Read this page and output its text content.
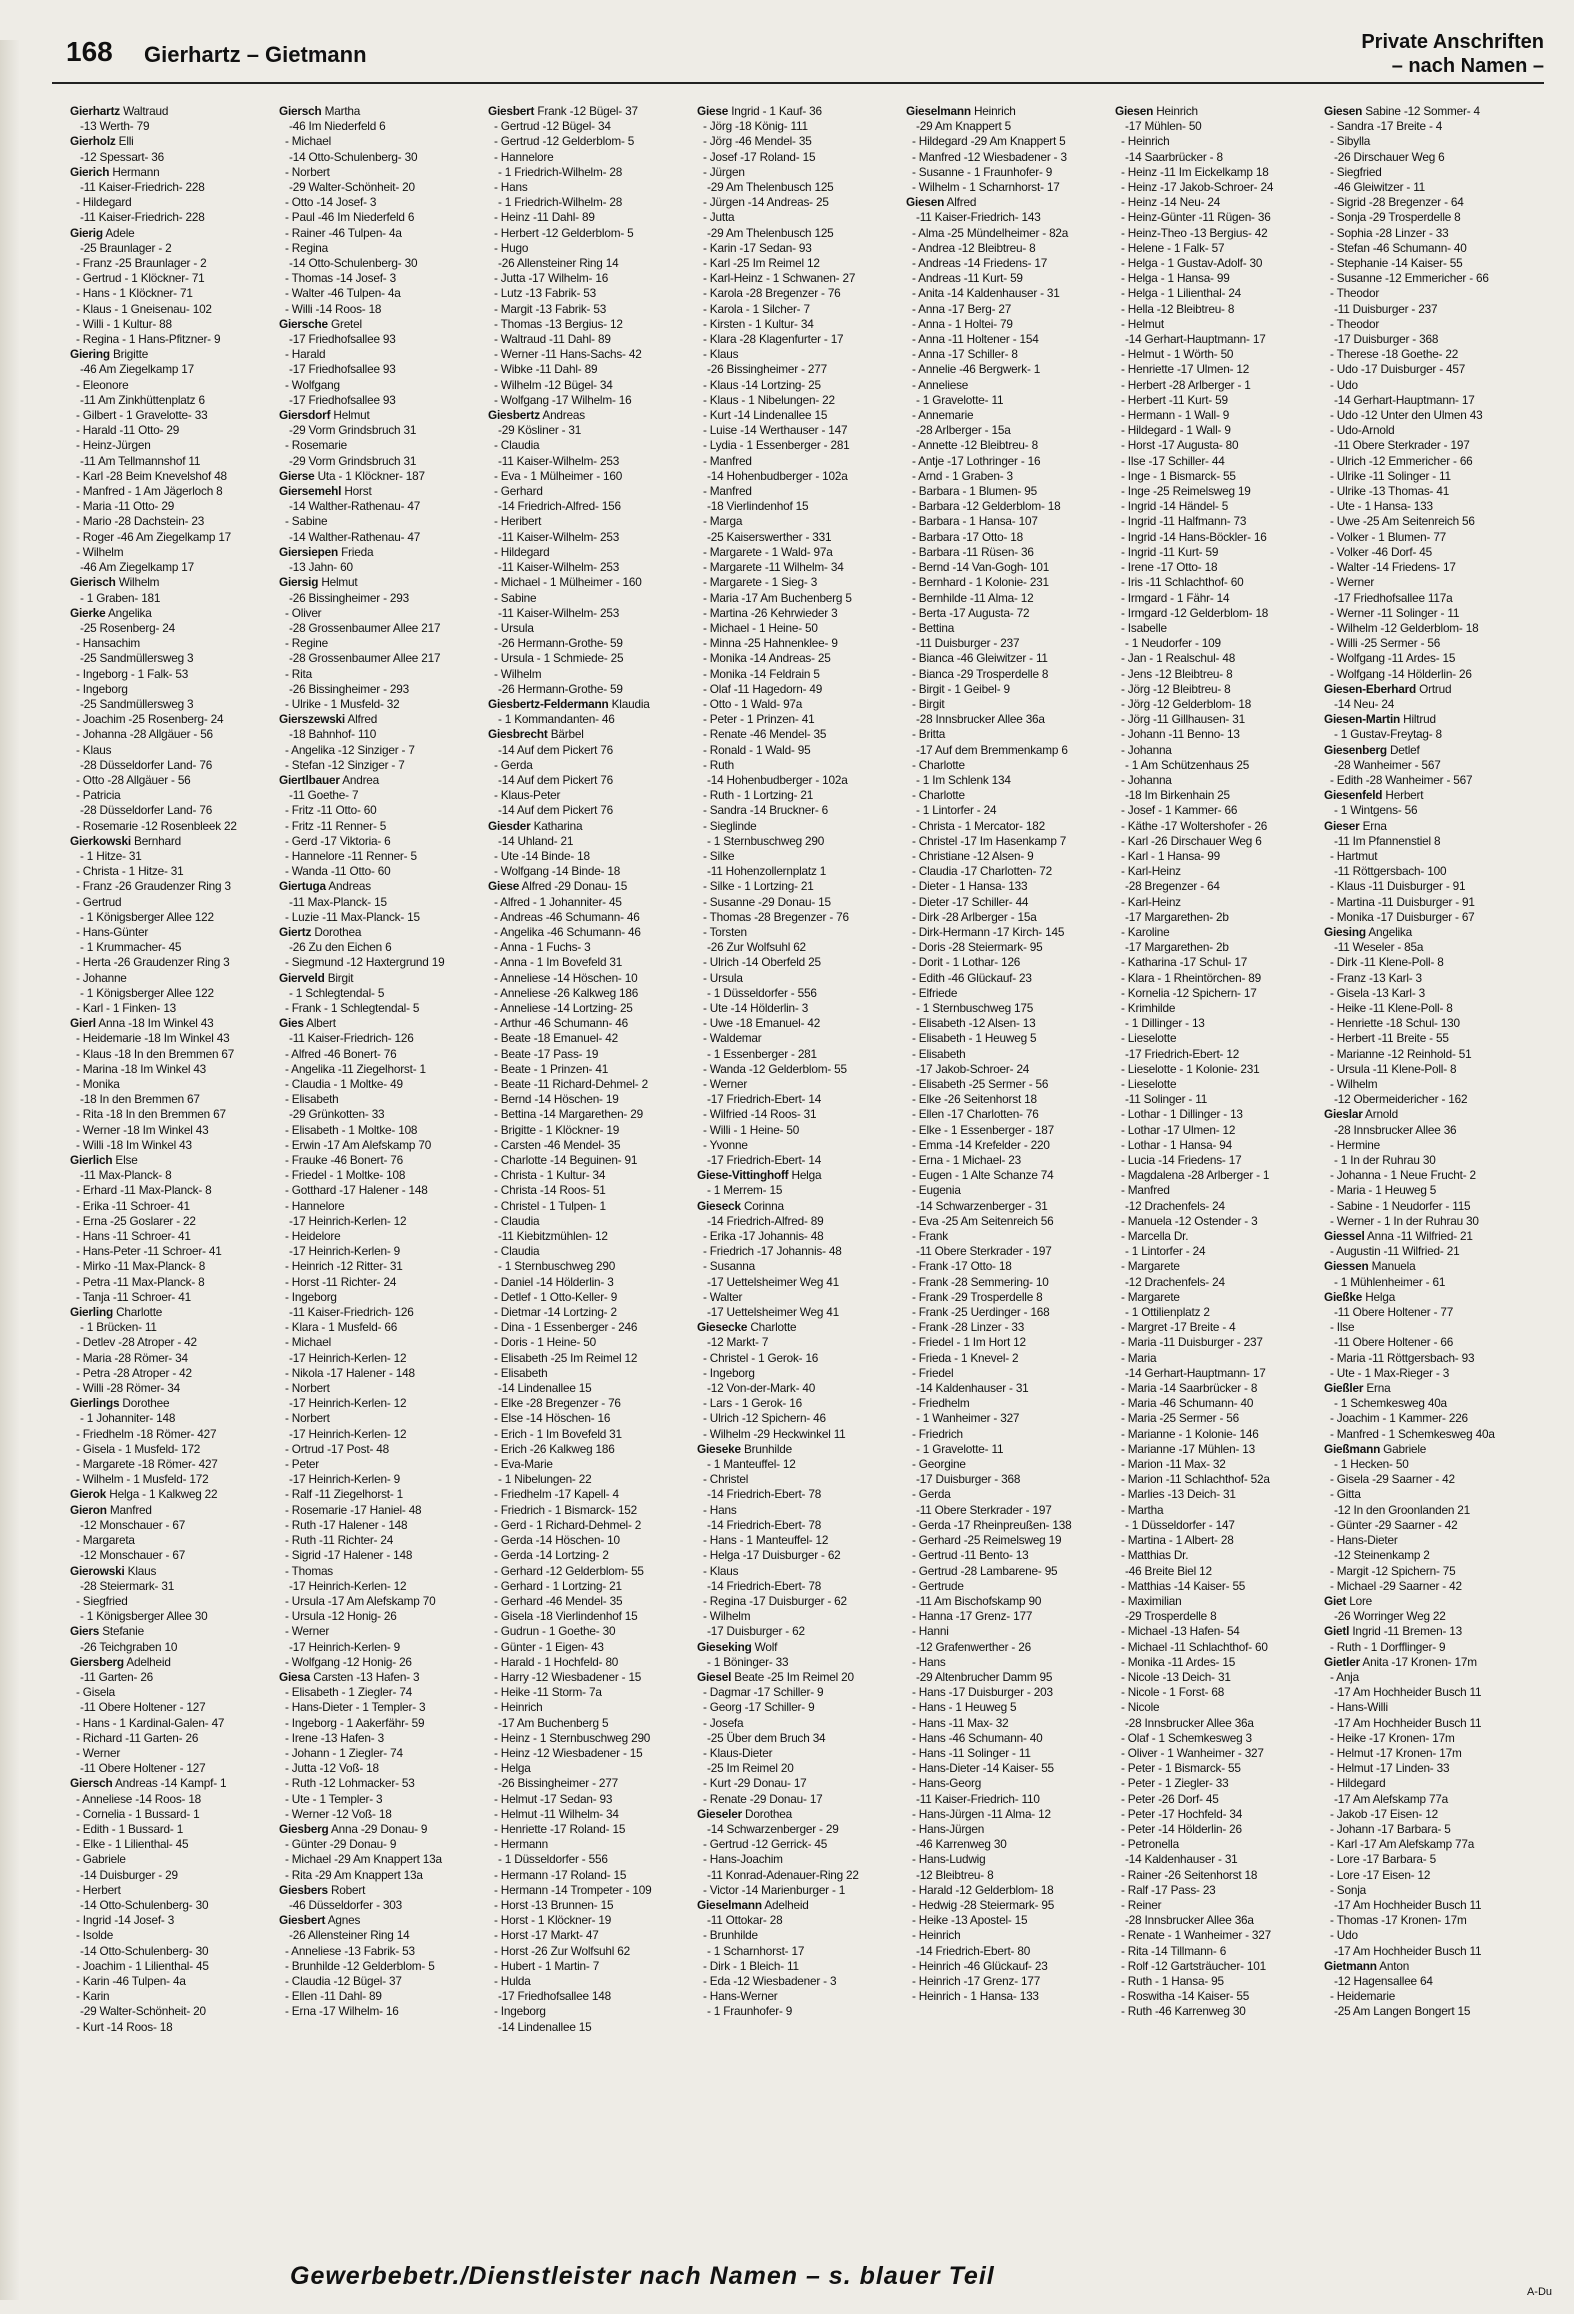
168 Gierhartz – Gietmann	Private Anschriften
– nach Namen –
Gierhartz Waltraud
-13 Werth- 79
Gierholz Elli
-12 Spessart- 36
Gierich Hermann
-11 Kaiser-Friedrich- 228
- Hildegard
-11 Kaiser-Friedrich- 228
Gierig Adele
-25 Braunlager - 2
- Franz -25 Braunlager - 2
- Gertrud - 1 Klöckner- 71
- Hans - 1 Klöckner- 71
- Klaus - 1 Gneisenau- 102
- Willi - 1 Kultur- 88
- Regina - 1 Hans-Pfitzner- 9
Giering Brigitte
-46 Am Ziegelkamp 17
- Eleonore
-11 Am Zinkhüttenplatz 6
- Gilbert - 1 Gravelotte- 33
- Harald -11 Otto- 29
- Heinz-Jürgen
-11 Am Tellmannshof 11
- Karl -28 Beim Knevelshof 48
- Manfred - 1 Am Jägerloch 8
- Maria -11 Otto- 29
- Mario -28 Dachstein- 23
- Roger -46 Am Ziegelkamp 17
- Wilhelm
-46 Am Ziegelkamp 17
Gierisch Wilhelm
- 1 Graben- 181
Gierke Angelika
-25 Rosenberg- 24
- Hansachim
-25 Sandmüllersweg 3
- Ingeborg - 1 Falk- 53
- Ingeborg
-25 Sandmüllersweg 3
- Joachim -25 Rosenberg- 24
- Johanna -28 Allgäuer - 56
- Klaus
-28 Düsseldorfer Land- 76
- Otto -28 Allgäuer - 56
- Patricia
-28 Düsseldorfer Land- 76
- Rosemarie -12 Rosenbleek 22
Gierkowski Bernhard
- 1 Hitze- 31
- Christa - 1 Hitze- 31
- Franz -26 Graudenzer Ring 3
- Gertrud
- 1 Königsberger Allee 122
- Hans-Günter
- 1 Krummacher- 45
- Herta -26 Graudenzer Ring 3
- Johanne
- 1 Königsberger Allee 122
- Karl - 1 Finken- 13
Gierl Anna -18 Im Winkel 43
- Heidemarie -18 Im Winkel 43
- Klaus -18 In den Bremmen 67
- Marina -18 Im Winkel 43
- Monika
-18 In den Bremmen 67
- Rita -18 In den Bremmen 67
- Werner -18 Im Winkel 43
- Willi -18 Im Winkel 43
Gierlich Else
-11 Max-Planck- 8
- Erhard -11 Max-Planck- 8
- Erika -11 Schroer- 41
- Erna -25 Goslarer - 22
- Hans -11 Schroer- 41
- Hans-Peter -11 Schroer- 41
- Mirko -11 Max-Planck- 8
- Petra -11 Max-Planck- 8
- Tanja -11 Schroer- 41
Gierling Charlotte
- 1 Brücken- 11
- Detlev -28 Atroper - 42
- Maria -28 Römer- 34
- Petra -28 Atroper - 42
- Willi -28 Römer- 34
Gierlings Dorothee
- 1 Johanniter- 148
- Friedhelm -18 Römer- 427
- Gisela - 1 Musfeld- 172
- Margarete -18 Römer- 427
- Wilhelm - 1 Musfeld- 172
Gierok Helga - 1 Kalkweg 22
Gieron Manfred
-12 Monschauer - 67
- Margareta
-12 Monschauer - 67
Gierowski Klaus
-28 Steiermark- 31
- Siegfried
- 1 Königsberger Allee 30
Giers Stefanie
-26 Teichgraben 10
Giersberg Adelheid
-11 Garten- 26
- Gisela
-11 Obere Holtener - 127
- Hans - 1 Kardinal-Galen- 47
- Richard -11 Garten- 26
- Werner
-11 Obere Holtener - 127
Giersch Andreas -14 Kampf- 1
- Anneliese -14 Roos- 18
- Cornelia - 1 Bussard- 1
- Edith - 1 Bussard- 1
- Elke - 1 Lilienthal- 45
- Gabriele
-14 Duisburger - 29
- Herbert
-14 Otto-Schulenberg- 30
- Ingrid -14 Josef- 3
- Isolde
-14 Otto-Schulenberg- 30
- Joachim - 1 Lilienthal- 45
- Karin -46 Tulpen- 4a
- Karin
-29 Walter-Schönheit- 20
- Kurt -14 Roos- 18
Giersch Martha
-46 Im Niederfeld 6
- Michael
-14 Otto-Schulenberg- 30
- Norbert
-29 Walter-Schönheit- 20
- Otto -14 Josef- 3
- Paul -46 Im Niederfeld 6
- Rainer -46 Tulpen- 4a
- Regina
-14 Otto-Schulenberg- 30
- Thomas -14 Josef- 3
- Walter -46 Tulpen- 4a
- Willi -14 Roos- 18
Giersche Gretel
-17 Friedhofsallee 93
- Harald
-17 Friedhofsallee 93
- Wolfgang
-17 Friedhofsallee 93
Giersdorf Helmut
-29 Vorm Grindsbruch 31
- Rosemarie
-29 Vorm Grindsbruch 31
Gierse Uta - 1 Klöckner- 187
Giersemehl Horst
-14 Walther-Rathenau- 47
- Sabine
-14 Walther-Rathenau- 47
Giersiepen Frieda
-13 Jahn- 60
Giersig Helmut
-26 Bissingheimer - 293
- Oliver
-28 Grossenbaumer Allee 217
- Regine
-28 Grossenbaumer Allee 217
- Rita
-26 Bissingheimer - 293
- Ulrike - 1 Musfeld- 32
Gierszewski Alfred
-18 Bahnhof- 110
- Angelika -12 Sinziger - 7
- Stefan -12 Sinziger - 7
Giertlbauer Andrea
-11 Goethe- 7
- Fritz -11 Otto- 60
- Fritz -11 Renner- 5
- Gerd -17 Viktoria- 6
- Hannelore -11 Renner- 5
- Wanda -11 Otto- 60
Giertuga Andreas
-11 Max-Planck- 15
- Luzie -11 Max-Planck- 15
Giertz Dorothea
-26 Zu den Eichen 6
- Siegmund -12 Haxtergrund 19
Gierveld Birgit
- 1 Schlegtendal- 5
- Frank - 1 Schlegtendal- 5
Gies Albert
-11 Kaiser-Friedrich- 126
- Alfred -46 Bonert- 76
- Angelika -11 Ziegelhorst- 1
- Claudia - 1 Moltke- 49
- Elisabeth
-29 Grünkotten- 33
- Elisabeth - 1 Moltke- 108
- Erwin -17 Am Alefskamp 70
- Frauke -46 Bonert- 76
- Friedel - 1 Moltke- 108
- Gotthard -17 Halener - 148
- Hannelore
-17 Heinrich-Kerlen- 12
- Heidelore
-17 Heinrich-Kerlen- 9
- Heinrich -12 Ritter- 31
- Horst -11 Richter- 24
- Ingeborg
-11 Kaiser-Friedrich- 126
- Klara - 1 Musfeld- 66
- Michael
-17 Heinrich-Kerlen- 12
- Nikola -17 Halener - 148
- Norbert
-17 Heinrich-Kerlen- 12
- Norbert
-17 Heinrich-Kerlen- 12
- Ortrud -17 Post- 48
- Peter
-17 Heinrich-Kerlen- 9
- Ralf -11 Ziegelhorst- 1
- Rosemarie -17 Haniel- 48
- Ruth -17 Halener - 148
- Ruth -11 Richter- 24
- Sigrid -17 Halener - 148
- Thomas
-17 Heinrich-Kerlen- 12
- Ursula -17 Am Alefskamp 70
- Ursula -12 Honig- 26
- Werner
-17 Heinrich-Kerlen- 9
- Wolfgang -12 Honig- 26
Giesa Carsten -13 Hafen- 3
- Elisabeth - 1 Ziegler- 74
- Hans-Dieter - 1 Templer- 3
- Ingeborg - 1 Aakerfähr- 59
- Irene -13 Hafen- 3
- Johann - 1 Ziegler- 74
- Jutta -12 Voß- 18
- Ruth -12 Lohmacker- 53
- Ute - 1 Templer- 3
- Werner -12 Voß- 18
Giesberg Anna -29 Donau- 9
- Günter -29 Donau- 9
- Michael -29 Am Knappert 13a
- Rita -29 Am Knappert 13a
Giesbers Robert
-46 Düsseldorfer - 303
Giesbert Agnes
-26 Allensteiner Ring 14
- Anneliese -13 Fabrik- 53
- Brunhilde -12 Gelderblom- 5
- Claudia -12 Bügel- 37
- Ellen -11 Dahl- 89
- Erna -17 Wilhelm- 16
Giesbert Frank -12 Bügel- 37
- Gertrud -12 Bügel- 34
- Gertrud -12 Gelderblom- 5
- Hannelore
- 1 Friedrich-Wilhelm- 28
- Hans
- 1 Friedrich-Wilhelm- 28
- Heinz -11 Dahl- 89
- Herbert -12 Gelderblom- 5
- Hugo
-26 Allensteiner Ring 14
- Jutta -17 Wilhelm- 16
- Lutz -13 Fabrik- 53
- Margit -13 Fabrik- 53
- Thomas -13 Bergius- 12
- Waltraud -11 Dahl- 89
- Werner -11 Hans-Sachs- 42
- Wibke -11 Dahl- 89
- Wilhelm -12 Bügel- 34
- Wolfgang -17 Wilhelm- 16
Giesbertz Andreas
-29 Kösliner - 31
- Claudia
-11 Kaiser-Wilhelm- 253
- Eva - 1 Mülheimer - 160
- Gerhard
-14 Friedrich-Alfred- 156
- Heribert
-11 Kaiser-Wilhelm- 253
- Hildegard
-11 Kaiser-Wilhelm- 253
- Michael - 1 Mülheimer - 160
- Sabine
-11 Kaiser-Wilhelm- 253
- Ursula
-26 Hermann-Grothe- 59
- Ursula - 1 Schmiede- 25
- Wilhelm
-26 Hermann-Grothe- 59
Giesbertz-Feldermann Klaudia
- 1 Kommandanten- 46
Giesbrecht Bärbel
-14 Auf dem Pickert 76
- Gerda
-14 Auf dem Pickert 76
- Klaus-Peter
-14 Auf dem Pickert 76
Giesder Katharina
-14 Uhland- 21
- Ute -14 Binde- 18
- Wolfgang -14 Binde- 18
Giese Alfred -29 Donau- 15
- Alfred - 1 Johanniter- 45
- Andreas -46 Schumann- 46
- Angelika -46 Schumann- 46
- Anna - 1 Fuchs- 3
- Anna - 1 Im Bovefeld 31
- Anneliese -14 Höschen- 10
- Anneliese -26 Kalkweg 186
- Anneliese -14 Lortzing- 25
- Arthur -46 Schumann- 46
- Beate -18 Emanuel- 42
- Beate -17 Pass- 19
- Beate - 1 Prinzen- 41
- Beate -11 Richard-Dehmel- 2
- Bernd -14 Höschen- 19
- Bettina -14 Margarethen- 29
- Brigitte - 1 Klöckner- 19
- Carsten -46 Mendel- 35
- Charlotte -14 Beguinen- 91
- Christa - 1 Kultur- 34
- Christa -14 Roos- 51
- Christel - 1 Tulpen- 1
- Claudia
-11 Kiebitzmühlen- 12
- Claudia
- 1 Sternbuschweg 290
- Daniel -14 Hölderlin- 3
- Detlef - 1 Otto-Keller- 9
- Dietmar -14 Lortzing- 2
- Dina - 1 Essenberger - 246
- Doris - 1 Heine- 50
- Elisabeth -25 Im Reimel 12
- Elisabeth
-14 Lindenallee 15
- Elke -28 Bregenzer - 76
- Else -14 Höschen- 16
- Erich - 1 Im Bovefeld 31
- Erich -26 Kalkweg 186
- Eva-Marie
- 1 Nibelungen- 22
- Friedhelm -17 Kapell- 4
- Friedrich - 1 Bismarck- 152
- Gerd - 1 Richard-Dehmel- 2
- Gerda -14 Höschen- 10
- Gerda -14 Lortzing- 2
- Gerhard -12 Gelderblom- 55
- Gerhard - 1 Lortzing- 21
- Gerhard -46 Mendel- 35
- Gisela -18 Vierlindenhof 15
- Gudrun - 1 Goethe- 30
- Günter - 1 Eigen- 43
- Harald - 1 Hochfeld- 80
- Harry -12 Wiesbadener - 15
- Heike -11 Storm- 7a
- Heinrich
-17 Am Buchenberg 5
- Heinz - 1 Sternbuschweg 290
- Heinz -12 Wiesbadener - 15
- Helga
-26 Bissingheimer - 277
- Helmut -17 Sedan- 93
- Helmut -11 Wilhelm- 34
- Henriette -17 Roland- 15
- Hermann
- 1 Düsseldorfer - 556
- Hermann -17 Roland- 15
- Hermann -14 Trompeter - 109
- Horst -13 Brunnen- 15
- Horst - 1 Klöckner- 19
- Horst -17 Markt- 47
- Horst -26 Zur Wolfsuhl 62
- Hubert - 1 Martin- 7
- Hulda
-17 Friedhofsallee 148
- Ingeborg
-14 Lindenallee 15
Giese Ingrid - 1 Kauf- 36
- Jörg -18 König- 111
- Jörg -46 Mendel- 35
- Josef -17 Roland- 15
- Jürgen
-29 Am Thelenbusch 125
- Jürgen -14 Andreas- 25
- Jutta
-29 Am Thelenbusch 125
- Karin -17 Sedan- 93
- Karl -25 Im Reimel 12
- Karl-Heinz - 1 Schwanen- 27
- Karola -28 Bregenzer - 76
- Karola - 1 Silcher- 7
- Kirsten - 1 Kultur- 34
- Klara -28 Klagenfurter - 17
- Klaus
-26 Bissingheimer - 277
- Klaus -14 Lortzing- 25
- Klaus - 1 Nibelungen- 22
- Kurt -14 Lindenallee 15
- Luise -14 Werthauser - 147
- Lydia - 1 Essenberger - 281
- Manfred
-14 Hohenbudberger - 102a
- Manfred
-18 Vierlindenhof 15
- Marga
-25 Kaiserswerther - 331
- Margarete - 1 Wald- 97a
- Margarete -11 Wilhelm- 34
- Margarete - 1 Sieg- 3
- Maria -17 Am Buchenberg 5
- Martina -26 Kehrwieder 3
- Michael - 1 Heine- 50
- Minna -25 Hahnenklee- 9
- Monika -14 Andreas- 25
- Monika -14 Feldrain 5
- Olaf -11 Hagedorn- 49
- Otto - 1 Wald- 97a
- Peter - 1 Prinzen- 41
- Renate -46 Mendel- 35
- Ronald - 1 Wald- 95
- Ruth
-14 Hohenbudberger - 102a
- Ruth - 1 Lortzing- 21
- Sandra -14 Bruckner- 6
- Sieglinde
- 1 Sternbuschweg 290
- Silke
-11 Hohenzollernplatz 1
- Silke - 1 Lortzing- 21
- Susanne -29 Donau- 15
- Thomas -28 Bregenzer - 76
- Torsten
-26 Zur Wolfsuhl 62
- Ulrich -14 Oberfeld 25
- Ursula
- 1 Düsseldorfer - 556
- Ute -14 Hölderlin- 3
- Uwe -18 Emanuel- 42
- Waldemar
- 1 Essenberger - 281
- Wanda -12 Gelderblom- 55
- Werner
-17 Friedrich-Ebert- 14
- Wilfried -14 Roos- 31
- Willi - 1 Heine- 50
- Yvonne
-17 Friedrich-Ebert- 14
Giese-Vittinghoff Helga
- 1 Merrem- 15
Gieseck Corinna
-14 Friedrich-Alfred- 89
- Erika -17 Johannis- 48
- Friedrich -17 Johannis- 48
- Susanna
-17 Uettelsheimer Weg 41
- Walter
-17 Uettelsheimer Weg 41
Giesecke Charlotte
-12 Markt- 7
- Christel - 1 Gerok- 16
- Ingeborg
-12 Von-der-Mark- 40
- Lars - 1 Gerok- 16
- Ulrich -12 Spichern- 46
- Wilhelm -29 Heckwinkel 11
Gieseke Brunhilde
- 1 Manteuffel- 12
- Christel
-14 Friedrich-Ebert- 78
- Hans
-14 Friedrich-Ebert- 78
- Hans - 1 Manteuffel- 12
- Helga -17 Duisburger - 62
- Klaus
-14 Friedrich-Ebert- 78
- Regina -17 Duisburger - 62
- Wilhelm
-17 Duisburger - 62
Gieseking Wolf
- 1 Böninger- 33
Giesel Beate -25 Im Reimel 20
- Dagmar -17 Schiller- 9
- Georg -17 Schiller- 9
- Josefa
-25 Über dem Bruch 34
- Klaus-Dieter
-25 Im Reimel 20
- Kurt -29 Donau- 17
- Renate -29 Donau- 17
Gieseler Dorothea
-14 Schwarzenberger - 29
- Gertrud -12 Gerrick- 45
- Hans-Joachim
-11 Konrad-Adenauer-Ring 22
- Victor -14 Marienburger - 1
Gieselmann Adelheid
-11 Ottokar- 28
- Brunhilde
- 1 Scharnhorst- 17
- Dirk - 1 Bleich- 11
- Eda -12 Wiesbadener - 3
- Hans-Werner
- 1 Fraunhofer- 9
Gieselmann Heinrich
-29 Am Knappert 5
- Hildegard -29 Am Knappert 5
- Manfred -12 Wiesbadener - 3
- Susanne - 1 Fraunhofer- 9
- Wilhelm - 1 Scharnhorst- 17
Giesen Alfred
-11 Kaiser-Friedrich- 143
- Alma -25 Mündelheimer - 82a
- Andrea -12 Bleibtreu- 8
- Andreas -14 Friedens- 17
- Andreas -11 Kurt- 59
- Anita -14 Kaldenhauser - 31
- Anna -17 Berg- 27
- Anna - 1 Holtei- 79
- Anna -11 Holtener - 154
- Anna -17 Schiller- 8
- Annelie -46 Bergwerk- 1
- Anneliese
- 1 Gravelotte- 11
- Annemarie
-28 Arlberger - 15a
- Annette -12 Bleibtreu- 8
- Antje -17 Lothringer - 16
- Arnd - 1 Graben- 3
- Barbara - 1 Blumen- 95
- Barbara -12 Gelderblom- 18
- Barbara - 1 Hansa- 107
- Barbara -17 Otto- 18
- Barbara -11 Rüsen- 36
- Bernd -14 Van-Gogh- 101
- Bernhard - 1 Kolonie- 231
- Bernhilde -11 Alma- 12
- Berta -17 Augusta- 72
- Bettina
-11 Duisburger - 237
- Bianca -46 Gleiwitzer - 11
- Bianca -29 Trosperdelle 8
- Birgit - 1 Geibel- 9
- Birgit
-28 Innsbrucker Allee 36a
- Britta
-17 Auf dem Bremmenkamp 6
- Charlotte
- 1 Im Schlenk 134
- Charlotte
- 1 Lintorfer - 24
- Christa - 1 Mercator- 182
- Christel -17 Im Hasenkamp 7
- Christiane -12 Alsen- 9
- Claudia -17 Charlotten- 72
- Dieter - 1 Hansa- 133
- Dieter -17 Schiller- 44
- Dirk -28 Arlberger - 15a
- Dirk-Hermann -17 Kirch- 145
- Doris -28 Steiermark- 95
- Dorit - 1 Lothar- 126
- Edith -46 Glückauf- 23
- Elfriede
- 1 Sternbuschweg 175
- Elisabeth -12 Alsen- 13
- Elisabeth - 1 Heuweg 5
- Elisabeth
-17 Jakob-Schroer- 24
- Elisabeth -25 Sermer - 56
- Elke -26 Seitenhorst 18
- Ellen -17 Charlotten- 76
- Elke - 1 Essenberger - 187
- Emma -14 Krefelder - 220
- Erna - 1 Michael- 23
- Eugen - 1 Alte Schanze 74
- Eugenia
-14 Schwarzenberger - 31
- Eva -25 Am Seitenreich 56
- Frank
-11 Obere Sterkrader - 197
- Frank -17 Otto- 18
- Frank -28 Semmering- 10
- Frank -29 Trosperdelle 8
- Frank -25 Uerdinger - 168
- Frank -28 Linzer - 33
- Friedel - 1 Im Hort 12
- Frieda - 1 Knevel- 2
- Friedel
-14 Kaldenhauser - 31
- Friedhelm
- 1 Wanheimer - 327
- Friedrich
- 1 Gravelotte- 11
- Georgine
-17 Duisburger - 368
- Gerda
-11 Obere Sterkrader - 197
- Gerda -17 Rheinpreußen- 138
- Gerhard -25 Reimelsweg 19
- Gertrud -11 Bento- 13
- Gertrud -28 Lambarene- 95
- Gertrude
-11 Am Bischofskamp 90
- Hanna -17 Grenz- 177
- Hanni
-12 Grafenwerther - 26
- Hans
-29 Altenbrucher Damm 95
- Hans -17 Duisburger - 203
- Hans - 1 Heuweg 5
- Hans -11 Max- 32
- Hans -46 Schumann- 40
- Hans -11 Solinger - 11
- Hans-Dieter -14 Kaiser- 55
- Hans-Georg
-11 Kaiser-Friedrich- 110
- Hans-Jürgen -11 Alma- 12
- Hans-Jürgen
-46 Karrenweg 30
- Hans-Ludwig
-12 Bleibtreu- 8
- Harald -12 Gelderblom- 18
- Hedwig -28 Steiermark- 95
- Heike -13 Apostel- 15
- Heinrich
-14 Friedrich-Ebert- 80
- Heinrich -46 Glückauf- 23
- Heinrich -17 Grenz- 177
- Heinrich - 1 Hansa- 133
Giesen Heinrich
-17 Mühlen- 50
- Heinrich
-14 Saarbrücker - 8
- Heinz -11 Im Eickelkamp 18
- Heinz -17 Jakob-Schroer- 24
- Heinz -14 Neu- 24
- Heinz-Günter -11 Rügen- 36
- Heinz-Theo -13 Bergius- 42
- Helene - 1 Falk- 57
- Helga - 1 Gustav-Adolf- 30
- Helga - 1 Hansa- 99
- Helga - 1 Lilienthal- 24
- Hella -12 Bleibtreu- 8
- Helmut
-14 Gerhart-Hauptmann- 17
- Helmut - 1 Wörth- 50
- Henriette -17 Ulmen- 12
- Herbert -28 Arlberger - 1
- Herbert -11 Kurt- 59
- Hermann - 1 Wall- 9
- Hildegard - 1 Wall- 9
- Horst -17 Augusta- 80
- Ilse -17 Schiller- 44
- Inge - 1 Bismarck- 55
- Inge -25 Reimelsweg 19
- Ingrid -14 Händel- 5
- Ingrid -11 Halfmann- 73
- Ingrid -14 Hans-Böckler- 16
- Ingrid -11 Kurt- 59
- Irene -17 Otto- 18
- Iris -11 Schlachthof- 60
- Irmgard - 1 Fähr- 14
- Irmgard -12 Gelderblom- 18
- Isabelle
- 1 Neudorfer - 109
- Jan - 1 Realschul- 48
- Jens -12 Bleibtreu- 8
- Jörg -12 Bleibtreu- 8
- Jörg -12 Gelderblom- 18
- Jörg -11 Gillhausen- 31
- Johann -11 Benno- 13
- Johanna
- 1 Am Schützenhaus 25
- Johanna
-18 Im Birkenhain 25
- Josef - 1 Kammer- 66
- Käthe -17 Woltershofer - 26
- Karl -26 Dirschauer Weg 6
- Karl - 1 Hansa- 99
- Karl-Heinz
-28 Bregenzer - 64
- Karl-Heinz
-17 Margarethen- 2b
- Karoline
-17 Margarethen- 2b
- Katharina -17 Schul- 17
- Klara - 1 Rheintörchen- 89
- Kornelia -12 Spichern- 17
- Krimhilde
- 1 Dillinger - 13
- Lieselotte
-17 Friedrich-Ebert- 12
- Lieselotte - 1 Kolonie- 231
- Lieselotte
-11 Solinger - 11
- Lothar - 1 Dillinger - 13
- Lothar -17 Ulmen- 12
- Lothar - 1 Hansa- 94
- Lucia -14 Friedens- 17
- Magdalena -28 Arlberger - 1
- Manfred
-12 Drachenfels- 24
- Manuela -12 Ostender - 3
- Marcella Dr.
- 1 Lintorfer - 24
- Margarete
-12 Drachenfels- 24
- Margarete
- 1 Ottilienplatz 2
- Margret -17 Breite - 4
- Maria -11 Duisburger - 237
- Maria
-14 Gerhart-Hauptmann- 17
- Maria -14 Saarbrücker - 8
- Maria -46 Schumann- 40
- Maria -25 Sermer - 56
- Marianne - 1 Kolonie- 146
- Marianne -17 Mühlen- 13
- Marion -11 Max- 32
- Marion -11 Schlachthof- 52a
- Marlies -13 Deich- 31
- Martha
- 1 Düsseldorfer - 147
- Martina - 1 Albert- 28
- Matthias Dr.
-46 Breite Biel 12
- Matthias -14 Kaiser- 55
- Maximilian
-29 Trosperdelle 8
- Michael -13 Hafen- 54
- Michael -11 Schlachthof- 60
- Monika -11 Ardes- 15
- Nicole -13 Deich- 31
- Nicole - 1 Forst- 68
- Nicole
-28 Innsbrucker Allee 36a
- Olaf - 1 Schemkesweg 3
- Oliver - 1 Wanheimer - 327
- Peter - 1 Bismarck- 55
- Peter - 1 Ziegler- 33
- Peter -26 Dorf- 45
- Peter -17 Hochfeld- 34
- Peter -14 Hölderlin- 26
- Petronella
-14 Kaldenhauser - 31
- Rainer -26 Seitenhorst 18
- Ralf -17 Pass- 23
- Reiner
-28 Innsbrucker Allee 36a
- Renate - 1 Wanheimer - 327
- Rita -14 Tillmann- 6
- Rolf -12 Gartsträucher- 101
- Ruth - 1 Hansa- 95
- Roswitha -14 Kaiser- 55
- Ruth -46 Karrenweg 30
Giesen Sabine -12 Sommer- 4
- Sandra -17 Breite - 4
- Sibylla
-26 Dirschauer Weg 6
- Siegfried
-46 Gleiwitzer - 11
- Sigrid -28 Bregenzer - 64
- Sonja -29 Trosperdelle 8
- Sophia -28 Linzer - 33
- Stefan -46 Schumann- 40
- Stephanie -14 Kaiser- 55
- Susanne -12 Emmericher - 66
- Theodor
-11 Duisburger - 237
- Theodor
-17 Duisburger - 368
- Therese -18 Goethe- 22
- Udo -17 Duisburger - 457
- Udo
-14 Gerhart-Hauptmann- 17
- Udo -12 Unter den Ulmen 43
- Udo-Arnold
-11 Obere Sterkrader - 197
- Ulrich -12 Emmericher - 66
- Ulrike -11 Solinger - 11
- Ulrike -13 Thomas- 41
- Ute - 1 Hansa- 133
- Uwe -25 Am Seitenreich 56
- Volker - 1 Blumen- 77
- Volker -46 Dorf- 45
- Walter -14 Friedens- 17
- Werner
-17 Friedhofsallee 117a
- Werner -11 Solinger - 11
- Wilhelm -12 Gelderblom- 18
- Willi -25 Sermer - 56
- Wolfgang -11 Ardes- 15
- Wolfgang -14 Hölderlin- 26
Giesen-Eberhard Ortrud
-14 Neu- 24
Giesen-Martin Hiltrud
- 1 Gustav-Freytag- 8
Giesenberg Detlef
-28 Wanheimer - 567
- Edith -28 Wanheimer - 567
Giesenfeld Herbert
- 1 Wintgens- 56
Gieser Erna
-11 Im Pfannenstiel 8
- Hartmut
-11 Röttgersbach- 100
- Klaus -11 Duisburger - 91
- Martina -11 Duisburger - 91
- Monika -17 Duisburger - 67
Giesing Angelika
-11 Weseler - 85a
- Dirk -11 Klene-Poll- 8
- Franz -13 Karl- 3
- Gisela -13 Karl- 3
- Heike -11 Klene-Poll- 8
- Henriette -18 Schul- 130
- Herbert -11 Breite - 55
- Marianne -12 Reinhold- 51
- Ursula -11 Klene-Poll- 8
- Wilhelm
-12 Obermeidericher - 162
Gieslar Arnold
-28 Innsbrucker Allee 36
- Hermine
- 1 In der Ruhrau 30
- Johanna - 1 Neue Frucht- 2
- Maria - 1 Heuweg 5
- Sabine - 1 Neudorfer - 115
- Werner - 1 In der Ruhrau 30
Giessel Anna -11 Wilfried- 21
- Augustin -11 Wilfried- 21
Giessen Manuela
- 1 Mühlenheimer - 61
Gießke Helga
-11 Obere Holtener - 77
- Ilse
-11 Obere Holtener - 66
- Maria -11 Röttgersbach- 93
- Ute - 1 Max-Rieger - 3
Gießler Erna
- 1 Schemkesweg 40a
- Joachim - 1 Kammer- 226
- Manfred - 1 Schemkesweg 40a
Gießmann Gabriele
- 1 Hecken- 50
- Gisela -29 Saarner - 42
- Gitta
-12 In den Groonlanden 21
- Günter -29 Saarner - 42
- Hans-Dieter
-12 Steinenkamp 2
- Margit -12 Spichern- 75
- Michael -29 Saarner - 42
Giet Lore
-26 Worringer Weg 22
Gietl Ingrid -11 Bremen- 13
- Ruth - 1 Dorfflinger- 9
Gietler Anita -17 Kronen- 17m
- Anja
-17 Am Hochheider Busch 11
- Hans-Willi
-17 Am Hochheider Busch 11
- Heike -17 Kronen- 17m
- Helmut -17 Kronen- 17m
- Helmut -17 Linden- 33
- Hildegard
-17 Am Alefskamp 77a
- Jakob -17 Eisen- 12
- Johann -17 Barbara- 5
- Karl -17 Am Alefskamp 77a
- Lore -17 Barbara- 5
- Lore -17 Eisen- 12
- Sonja
-17 Am Hochheider Busch 11
- Thomas -17 Kronen- 17m
- Udo
-17 Am Hochheider Busch 11
Gietmann Anton
-12 Hagensallee 64
- Heidemarie
-25 Am Langen Bongert 15
Gewerbebetr./Dienstleister nach Namen – s. blauer Teil
A-Du
